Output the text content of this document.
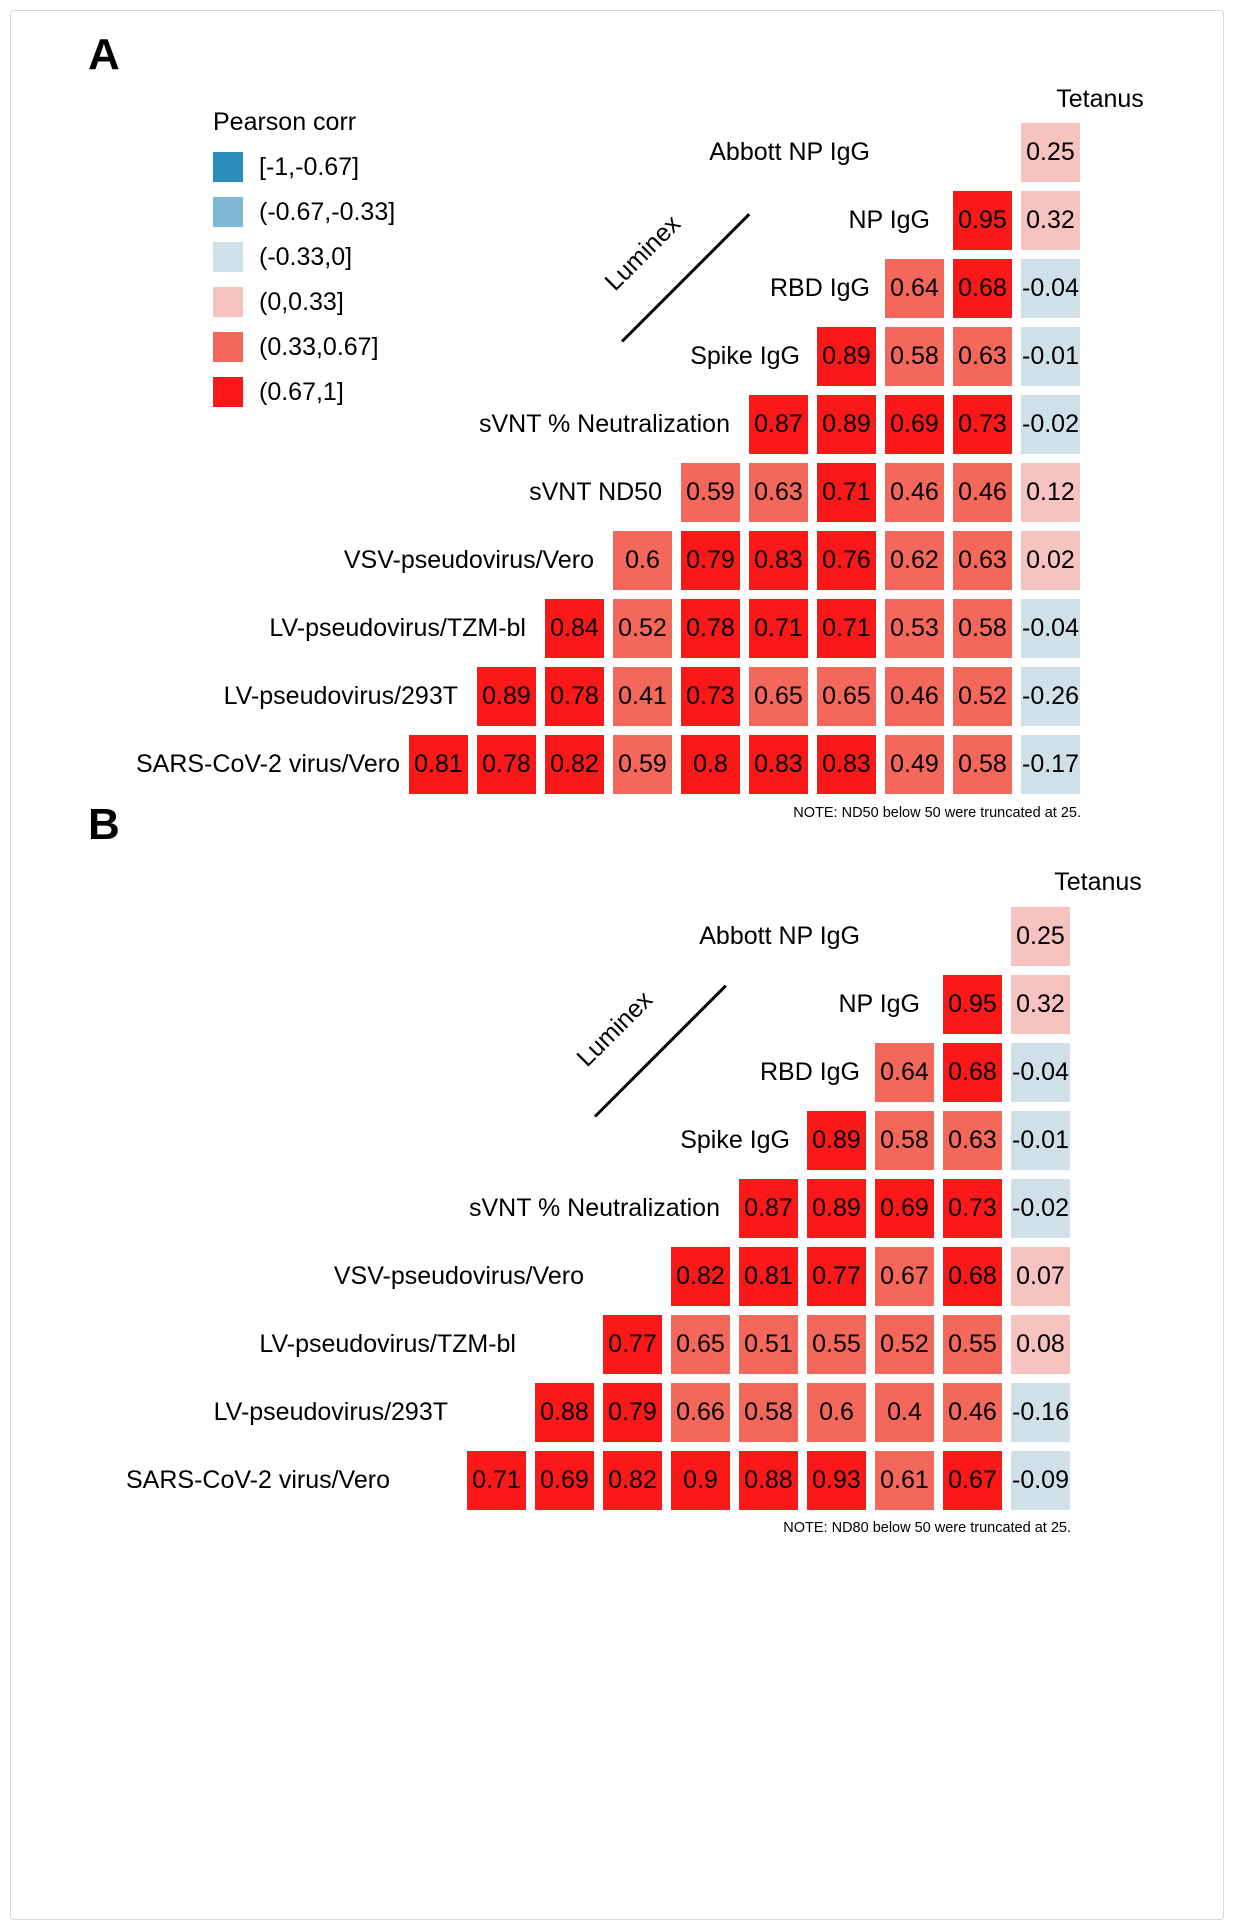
A
Pearson corr
[-1,-0.67]
(-0.67,-0.33]
(-0.33,0]
(0,0.33]
(0.33,0.67]
(0.67,1]
Tetanus
Luminex
Abbott NP IgG	0.25
NP IgG 0.95 0.32
RBD IgG 0.64 0.68 -0.04
Spike IgG 0.89 0.58 0.63 -0.01
sVNT % Neutralization 0.87 0.89 0.69 0.73 -0.02
sVNT ND50 0.59 0.63 0.71 0.46 0.46 0.12
VSV-pseudovirus/Vero	0.6	0.79 0.83 0.76 0.62 0.63 0.02
LV-pseudovirus/TZM-bl 0.84 0.52 0.78 0.71 0.71 0.53 0.58 -0.04
LV-pseudovirus/293T 0.89 0.78 0.41 0.73 0.65 0.65 0.46 0.52 -0.26
SARS-CoV-2 virus/Vero 0.81 0.78 0.82 0.59	0.8	0.83 0.83 0.49 0.58 -0.17
NOTE: ND50 below 50 were truncated at 25.
B
Tetanus
Luminex
Abbott NP IgG	0.25
NP IgG 0.95 0.32
RBD IgG 0.64 0.68 -0.04
Spike IgG 0.89 0.58 0.63 -0.01
sVNT % Neutralization 0.87 0.89 0.69 0.73 -0.02
VSV-pseudovirus/Vero	0.82 0.81 0.77 0.67 0.68 0.07
LV-pseudovirus/TZM-bl	0.77 0.65 0.51 0.55 0.52 0.55 0.08
LV-pseudovirus/293T	0.88 0.79 0.66 0.58	0.6	0.4	0.46 -0.16
SARS-CoV-2 virus/Vero	0.71 0.69 0.82	0.9	0.88 0.93 0.61 0.67 -0.09
NOTE: ND80 below 50 were truncated at 25.
